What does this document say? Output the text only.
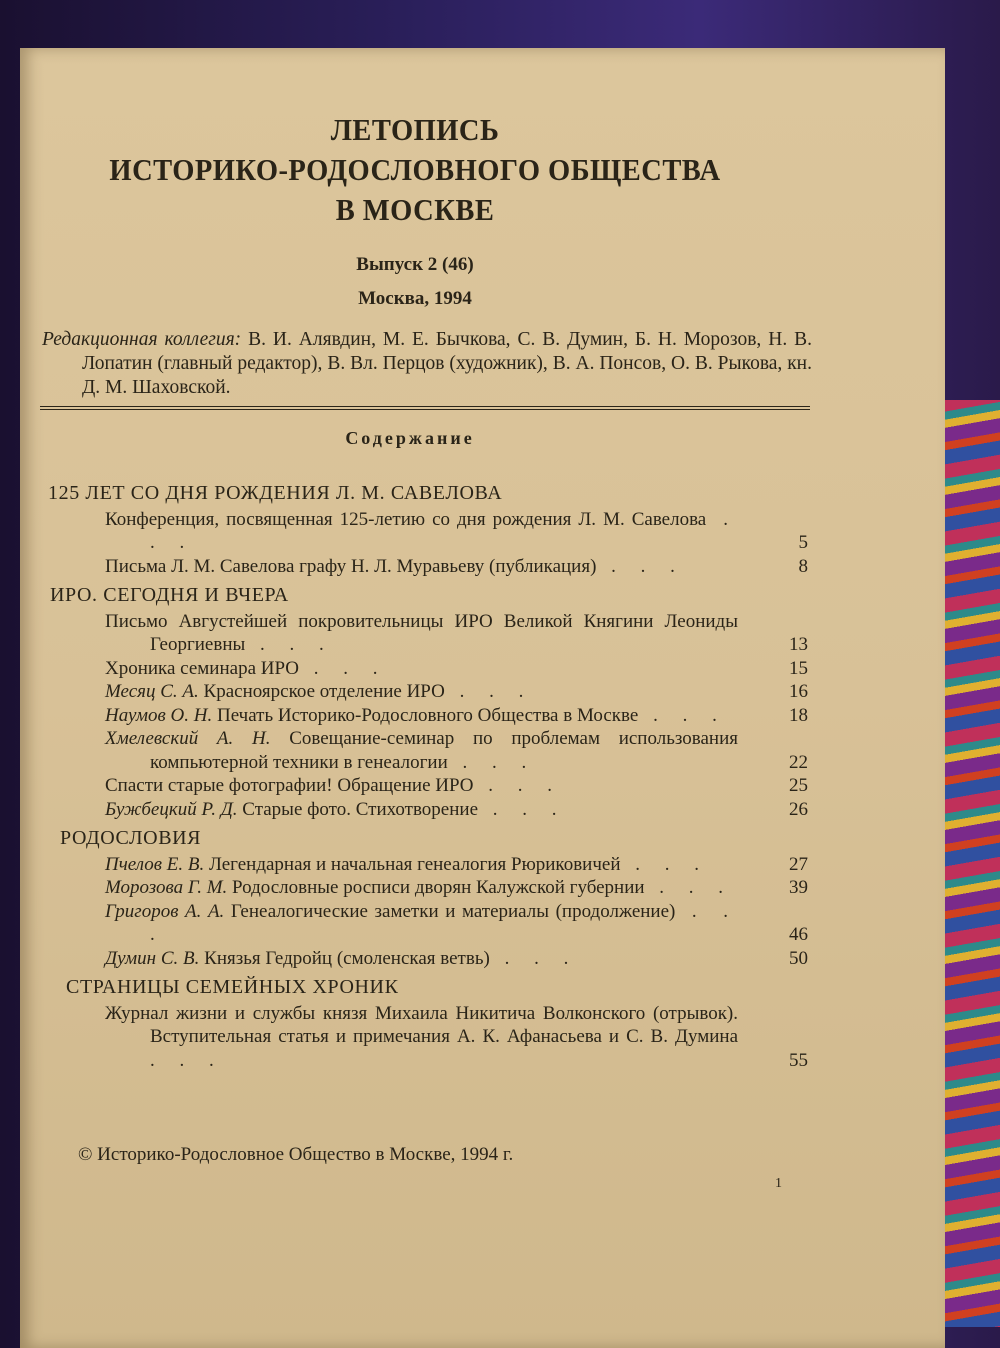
ЛЕТОПИСЬ
ИСТОРИКО-РОДОСЛОВНОГО ОБЩЕСТВА
В МОСКВЕ
Выпуск 2 (46)
Москва, 1994
Редакционная коллегия: В. И. Алявдин, М. Е. Бычкова, С. В. Думин, Б. Н. Морозов, Н. В. Лопатин (главный редактор), В. Вл. Перцов (художник), В. А. Понсов, О. В. Рыкова, кн. Д. М. Шаховской.
Содержание
125 ЛЕТ СО ДНЯ РОЖДЕНИЯ Л. М. САВЕЛОВА
Конференция, посвященная 125-летию со дня рождения Л. М. Савелова . . .	5
Письма Л. М. Савелова графу Н. Л. Муравьеву (публикация) . . .	8
ИРО. СЕГОДНЯ И ВЧЕРА
Письмо Августейшей покровительницы ИРО Великой Княгини Леониды Георгиевны . . .	13
Хроника семинара ИРО . . .	15
Месяц С. А. Красноярское отделение ИРО . . .	16
Наумов О. Н. Печать Историко-Родословного Общества в Москве . . .	18
Хмелевский А. Н. Совещание-семинар по проблемам использования компьютерной техники в генеалогии . . .	22
Спасти старые фотографии! Обращение ИРО . . .	25
Бужбецкий Р. Д. Старые фото. Стихотворение . . .	26
РОДОСЛОВИЯ
Пчелов Е. В. Легендарная и начальная генеалогия Рюриковичей . . .	27
Морозова Г. М. Родословные росписи дворян Калужской губернии . . .	39
Григоров А. А. Генеалогические заметки и материалы (продолжение) . . .	46
Думин С. В. Князья Гедройц (смоленская ветвь) . . .	50
СТРАНИЦЫ СЕМЕЙНЫХ ХРОНИК
Журнал жизни и службы князя Михаила Никитича Волконского (отрывок). Вступительная статья и примечания А. К. Афанасьева и С. В. Думина . . .	55
© Историко-Родословное Общество в Москве, 1994 г.
1
